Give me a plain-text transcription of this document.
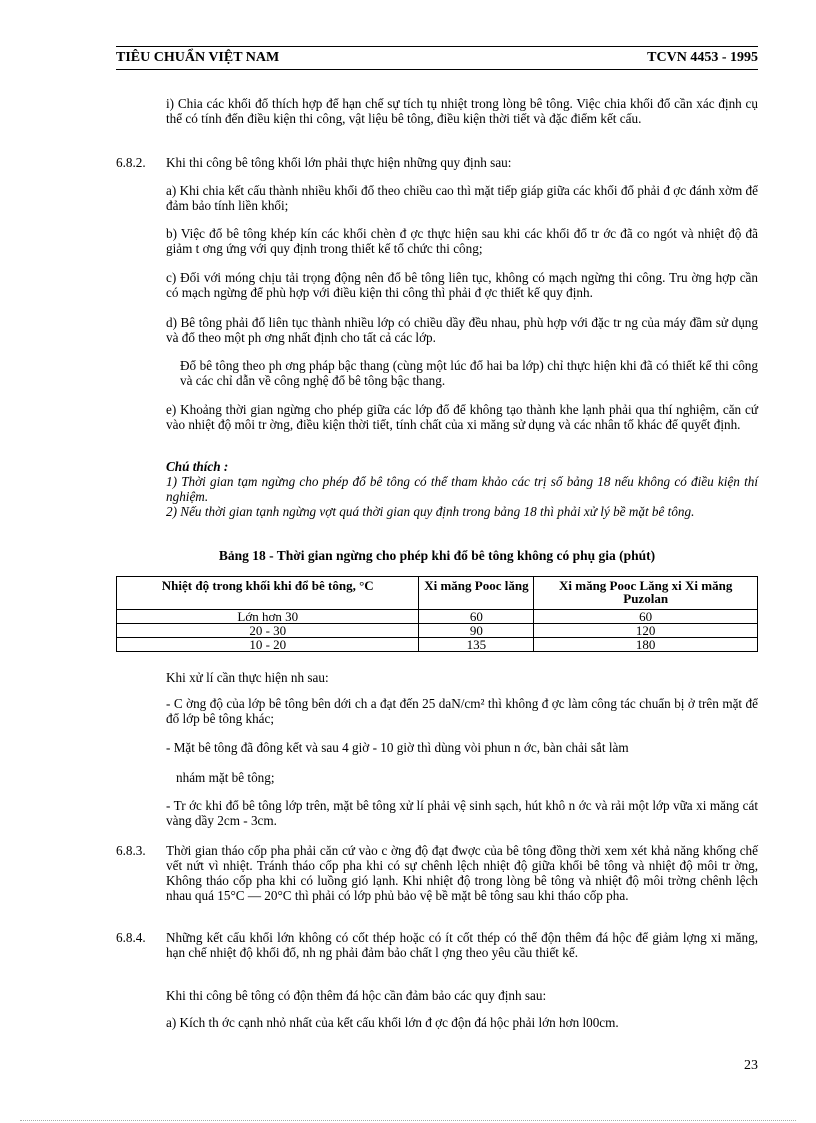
TIÊU CHUẨN VIỆT NAM	TCVN 4453 - 1995

i) Chia các khối đổ thích hợp để hạn chế sự tích tụ nhiệt trong lòng bê tông. Việc chia khối đổ cần xác định cụ thể có tính đến điều kiện thi công, vật liệu bê tông, điều kiện thời tiết và đặc điểm kết cấu.

6.8.2. Khi thi công bê tông khối lớn phải thực hiện những quy định sau:

a) Khi chia kết cấu thành nhiều khối đổ theo chiều cao thì mặt tiếp giáp giữa các khối đổ phải đ ợc đánh xờm để đảm bảo tính liền khối;

b) Việc đổ bê tông khép kín các khối chèn đ ợc thực hiện sau khi các khối đổ tr ớc đã co ngót và nhiệt độ đã giảm t ơng ứng với quy định trong thiết kế tổ chức thi công;

c) Đối với móng chịu tải trọng động nên đổ bê tông liên tục, không có mạch ngừng thi công. Tru ờng hợp cần có mạch ngừng để phù hợp với điều kiện thi công thì phải đ ợc thiết kế quy định.

d) Bê tông phải đổ liên tục thành nhiều lớp có chiều dầy đều nhau, phù hợp với đặc tr ng của máy đầm sử dụng và đổ theo một ph ơng nhất định cho tất cả các lớp.

Đổ bê tông theo ph ơng pháp bậc thang (cùng một lúc đổ hai ba lớp) chỉ thực hiện khi đã có thiết kế thi công và các chỉ dẫn về công nghệ đổ bê tông bậc thang.

e) Khoảng thời gian ngừng cho phép giữa các lớp đổ để không tạo thành khe lạnh phải qua thí nghiệm, căn cứ vào nhiệt độ môi tr ờng, điều kiện thời tiết, tính chất của xi măng sử dụng và các nhân tố khác để quyết định.

Chú thích :
1) Thời gian tạm ngừng cho phép đổ bê tông có thể tham khảo các trị số bảng 18 nếu không có điều kiện thí nghiệm.
2) Nếu thời gian tạnh ngừng vợt quá thời gian quy định trong bảng 18 thì phải xử lý bề mặt bê tông.
Bảng 18 - Thời gian ngừng cho phép khi đổ bê tông không có phụ gia (phút)
Nhiệt độ trong khối khi đổ bê tông, °C	Xi măng Pooc lăng	Xi măng Pooc Lăng xi Xi măng Puzolan
Lớn hơn 30	60	60
20 - 30	90	120
10 - 20	135	180

Khi xử lí cần thực hiện nh sau:

- C ờng độ của lớp bê tông bên dới ch a đạt đến 25 daN/cm² thì không đ ợc làm công tác chuẩn bị ở trên mặt để đổ lớp bê tông khác;

- Mặt bê tông đã đông kết và sau 4 giờ - 10 giờ thì dùng vòi phun n ớc, bàn chải sắt làm

nhám mặt bê tông;

- Tr ớc khi đổ bê tông lớp trên, mặt bê tông xử lí phải vệ sinh sạch, hút khô n ớc và rải một lớp vữa xi măng cát vàng dầy 2cm - 3cm.

6.8.3. Thời gian tháo cốp pha phải căn cứ vào c ờng độ đạt đwợc của bê tông đồng thời xem xét khả năng khống chế vết nứt vì nhiệt. Tránh tháo cốp pha khi có sự chênh lệch nhiệt độ giữa khối bê tông và nhiệt độ môi tr ờng, Không tháo cốp pha khi có luồng gió lạnh. Khi nhiệt độ trong lòng bê tông và nhiệt độ môi trờng chênh lệch nhau quá 15°C — 20°C thì phải có lớp phủ bảo vệ bề mặt bê tông sau khi tháo cốp pha.

6.8.4. Những kết cấu khối lớn không có cốt thép hoặc có ít cốt thép có thể độn thêm đá hộc để giảm lợng xi măng, hạn chế nhiệt độ khối đổ, nh ng phải đảm bảo chất l ợng theo yêu cầu thiết kế.

Khi thi công bê tông có độn thêm đá hộc cần đảm bảo các quy định sau:

a) Kích th ớc cạnh nhỏ nhất của kết cấu khối lớn đ ợc độn đá hộc phải lớn hơn l00cm.

23
